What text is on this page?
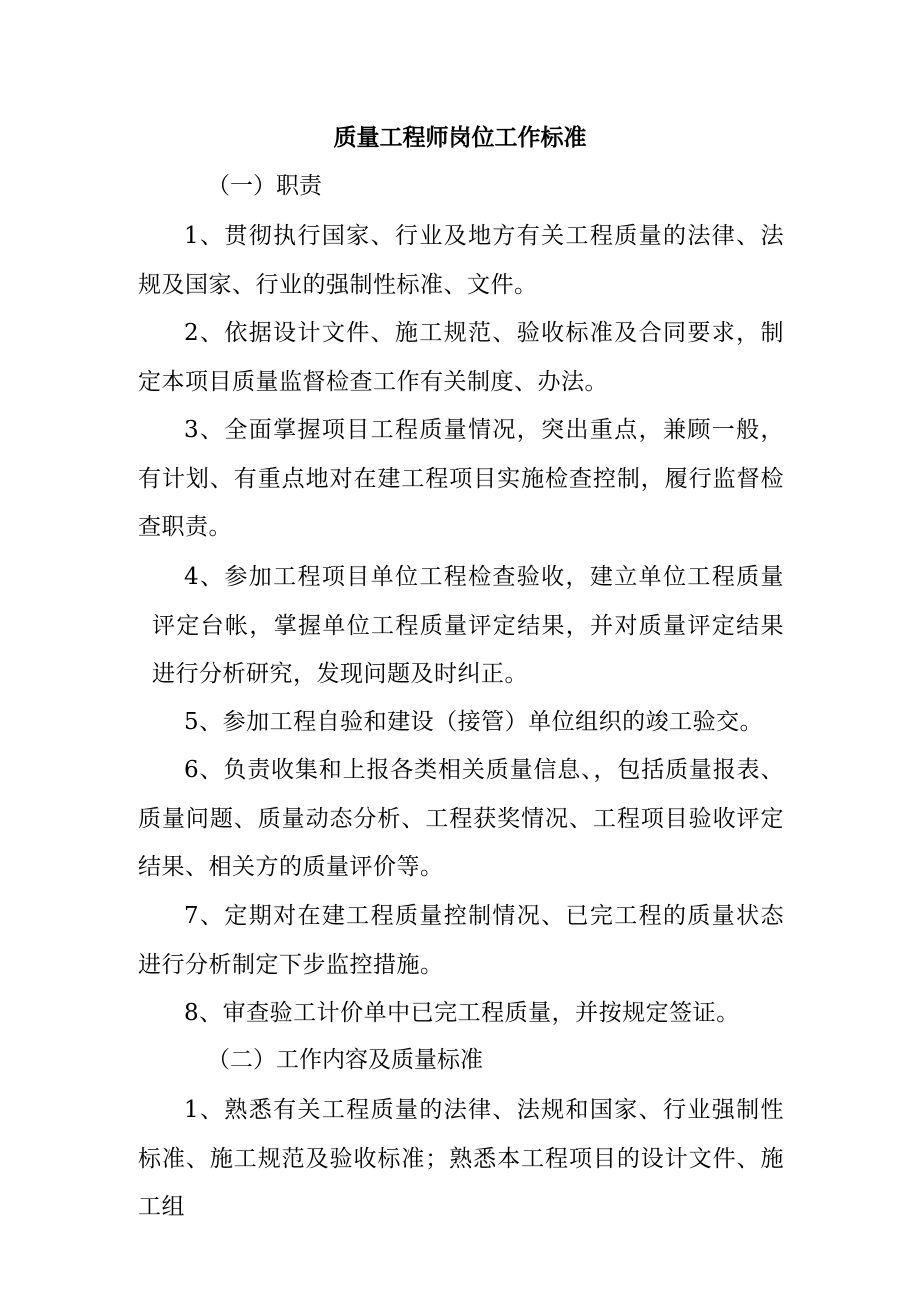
质量工程师岗位工作标准

（一）职责

1、贯彻执行国家、行业及地方有关工程质量的法律、法规及国家、行业的强制性标准、文件。

2、依据设计文件、施工规范、验收标准及合同要求，制定本项目质量监督检查工作有关制度、办法。

3、全面掌握项目工程质量情况，突出重点，兼顾一般，有计划、有重点地对在建工程项目实施检查控制，履行监督检查职责。

4、参加工程项目单位工程检查验收，建立单位工程质量评定台帐，掌握单位工程质量评定结果，并对质量评定结果进行分析研究，发现问题及时纠正。

5、参加工程自验和建设（接管）单位组织的竣工验交。

6、负责收集和上报各类相关质量信息、，包括质量报表、质量问题、质量动态分析、工程获奖情况、工程项目验收评定结果、相关方的质量评价等。

7、定期对在建工程质量控制情况、已完工程的质量状态进行分析制定下步监控措施。

8、审查验工计价单中已完工程质量，并按规定签证。

（二）工作内容及质量标准

1、熟悉有关工程质量的法律、法规和国家、行业强制性标准、施工规范及验收标准；熟悉本工程项目的设计文件、施工组
